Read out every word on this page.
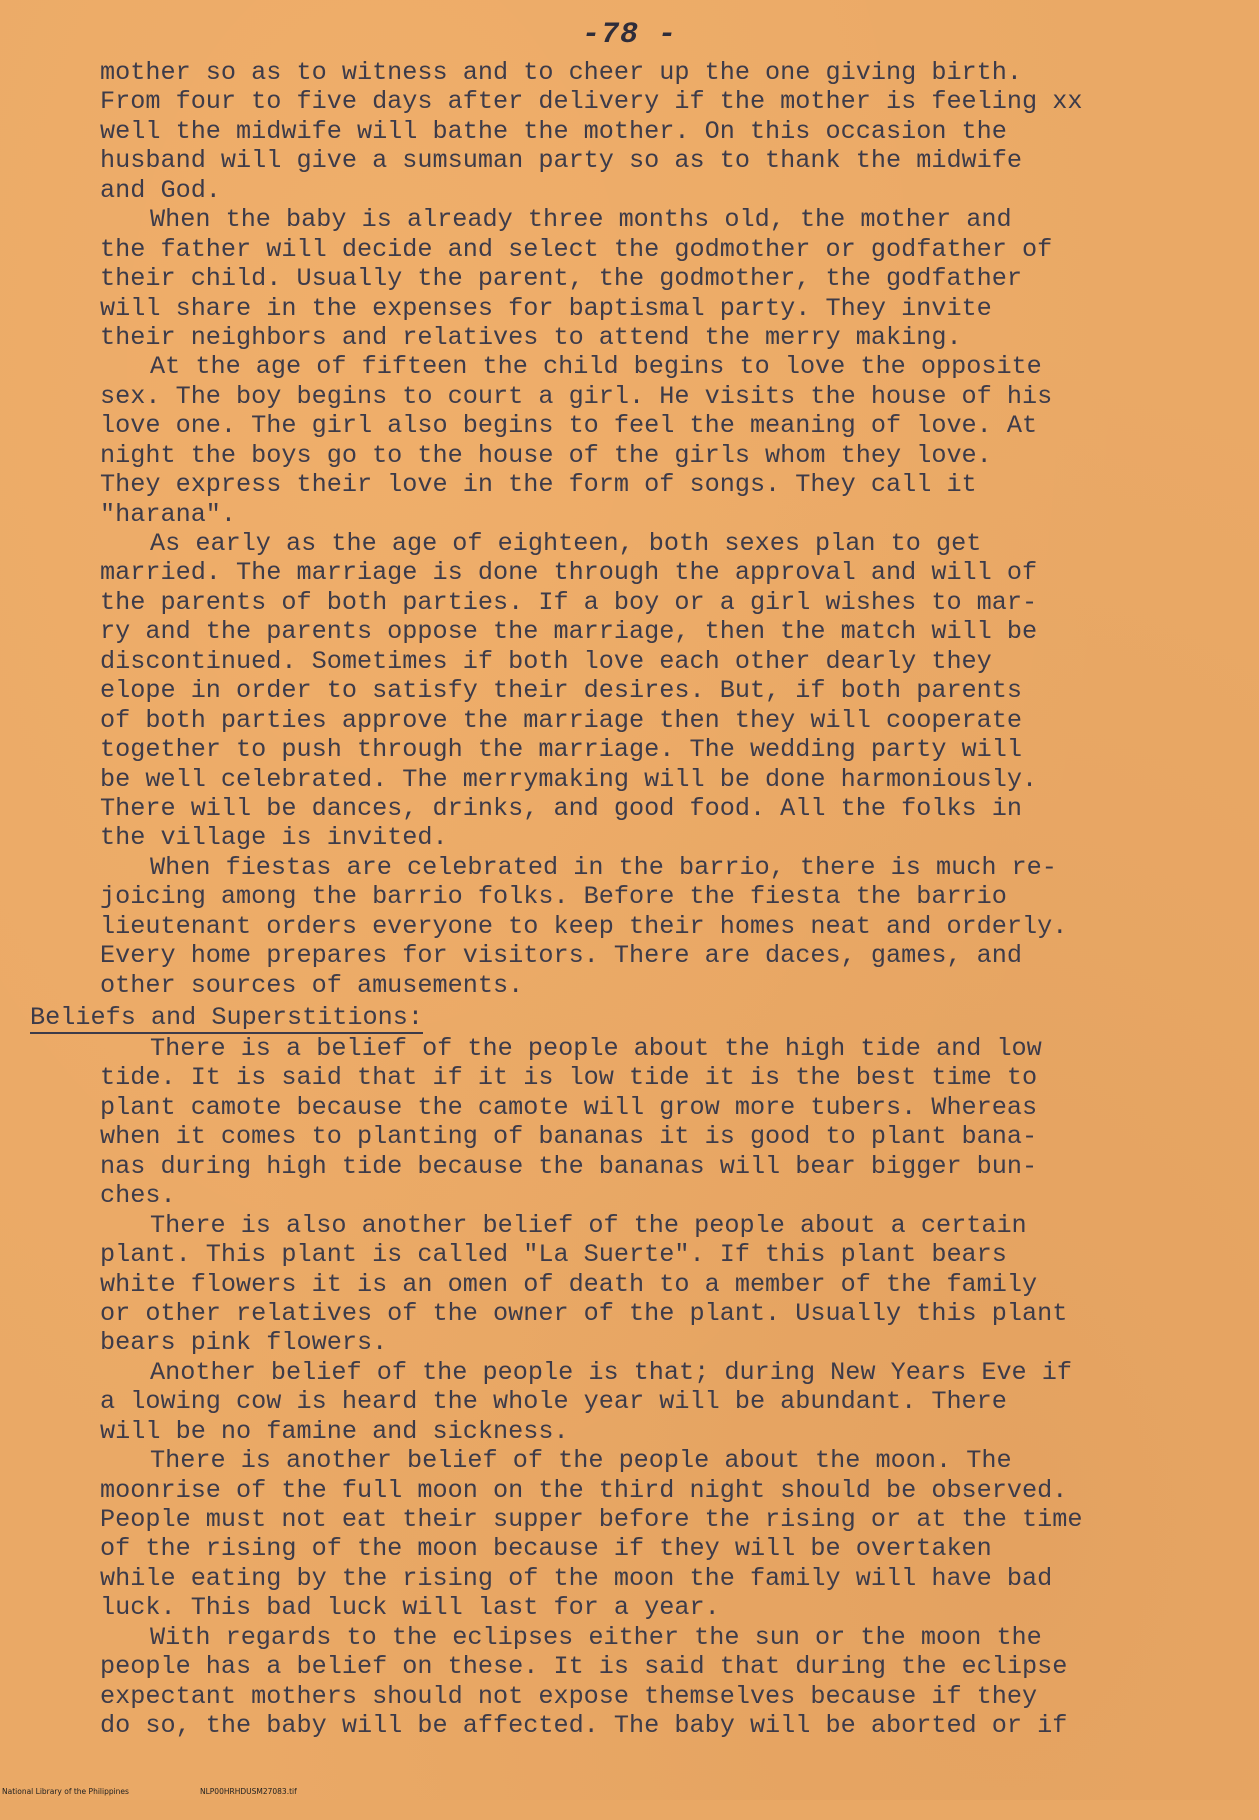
-78 -
mother so as to witness and to cheer up the one giving birth.
From four to five days after delivery if the mother is feeling xx
well the midwife will bathe the mother. On this occasion the
husband will give a sumsuman party so as to thank the midwife
and God.
When the baby is already three months old, the mother and
the father will decide and select the godmother or godfather of
their child. Usually the parent, the godmother, the godfather
will share in the expenses for baptismal party. They invite
their neighbors and relatives to attend the merry making.
At the age of fifteen the child begins to love the opposite
sex. The boy begins to court a girl. He visits the house of his
love one. The girl also begins to feel the meaning of love. At
night the boys go to the house of the girls whom they love.
They express their love in the form of songs. They call it
"harana".
As early as the age of eighteen, both sexes plan to get
married. The marriage is done through the approval and will of
the parents of both parties. If a boy or a girl wishes to mar-
ry and the parents oppose the marriage, then the match will be
discontinued. Sometimes if both love each other dearly they
elope in order to satisfy their desires. But, if both parents
of both parties approve the marriage then they will cooperate
together to push through the marriage. The wedding party will
be well celebrated. The merrymaking will be done harmoniously.
There will be dances, drinks, and good food. All the folks in
the village is invited.
When fiestas are celebrated in the barrio, there is much re-
joicing among the barrio folks. Before the fiesta the barrio
lieutenant orders everyone to keep their homes neat and orderly.
Every home prepares for visitors. There are daces, games, and
other sources of amusements.
Beliefs and Superstitions:
There is a belief of the people about the high tide and low
tide. It is said that if it is low tide it is the best time to
plant camote because the camote will grow more tubers. Whereas
when it comes to planting of bananas it is good to plant bana-
nas during high tide because the bananas will bear bigger bun-
ches.
There is also another belief of the people about a certain
plant. This plant is called "La Suerte". If this plant bears
white flowers it is an omen of death to a member of the family
or other relatives of the owner of the plant. Usually this plant
bears pink flowers.
Another belief of the people is that; during New Years Eve if
a lowing cow is heard the whole year will be abundant. There
will be no famine and sickness.
There is another belief of the people about the moon. The
moonrise of the full moon on the third night should be observed.
People must not eat their supper before the rising or at the time
of the rising of the moon because if they will be overtaken
while eating by the rising of the moon the family will have bad
luck. This bad luck will last for a year.
With regards to the eclipses either the sun or the moon the
people has a belief on these. It is said that during the eclipse
expectant mothers should not expose themselves because if they
do so, the baby will be affected. The baby will be aborted or if

National Library of the Philippines

	NLP00HRHDUSM27083.tif
